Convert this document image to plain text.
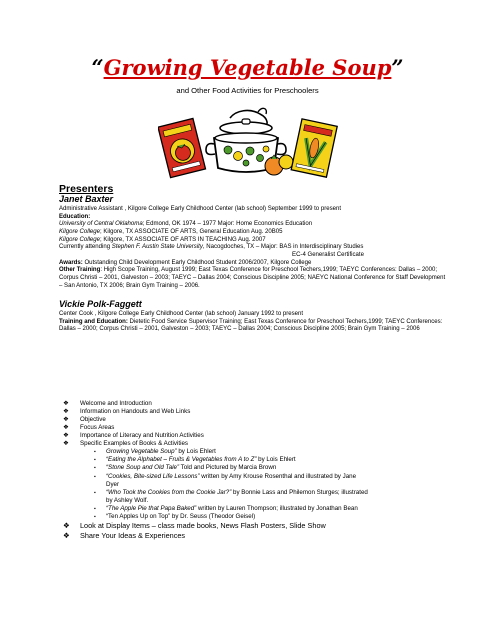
“Growing Vegetable Soup”
and Other Food Activities for Preschoolers
Presenters
Janet Baxter
Administrative Assistant , Kilgore College Early Childhood Center (lab school) September 1999 to present
Education:
University of Central Oklahoma; Edmond, OK 1974 – 1977 Major: Home Economics Education
Kilgore College; Kilgore, TX ASSOCIATE OF ARTS, General Education Aug. 20B05
Kilgore College; Kilgore, TX ASSOCIATE OF ARTS IN TEACHING Aug. 2007
Currently attending Stephen F. Austin State University, Nacogdoches, TX – Major: BAS in Interdisciplinary Studies
EC-4 Generalist Certificate
Awards: Outstanding Child Development Early Childhood Student 2006/2007, Kilgore College
Other Training: High Scope Training, August 1999; East Texas Conference for Preschool Techers,1999; TAEYC Conferences: Dallas – 2000; Corpus Christi – 2001, Galveston – 2003; TAEYC – Dallas 2004; Conscious Discipline 2005; NAEYC National Conference for Staff Development – San Antonio, TX 2006; Brain Gym Training – 2006.
Vickie Polk-Faggett
Center Cook , Kilgore College Early Childhood Center (lab school) January 1992 to present
Training and Education: Dietetic Food Service Supervisor Training; East Texas Conference for Preschool Techers,1999; TAEYC Conferences: Dallas – 2000; Corpus Christi – 2001, Galveston – 2003; TAEYC – Dallas 2004; Conscious Discipline 2005; Brain Gym Training – 2006
❖ Welcome and Introduction
❖ Information on Handouts and Web Links
❖ Objective
❖ Focus Areas
❖ Importance of Literacy and Nutrition Activities
❖ Specific Examples of Books & Activities
▪ Growing Vegetable Soup” by Lois Ehlert
▪ “Eating the Alphabet – Fruits & Vegetables from A to Z” by Lois Ehlert
▪ “Stone Soup and Old Tale” Told and Pictured by Marcia Brown
▪ “Cookies, Bite-sized Life Lessons” written by Amy Krouse Rosenthal and illustrated by Jane Dyer
▪ “Who Took the Cookies from the Cookie Jar?” by Bonnie Lass and Philemon Sturges; illustrated by Ashley Wolf.
▪ “The Apple Pie that Papa Baked” written by Lauren Thompson; illustrated by Jonathan Bean
▪ “Ten Apples Up on Top” by Dr. Seuss (Theodor Geisel)
❖ Look at Display Items – class made books, News Flash Posters, Slide Show
❖ Share Your Ideas & Experiences
